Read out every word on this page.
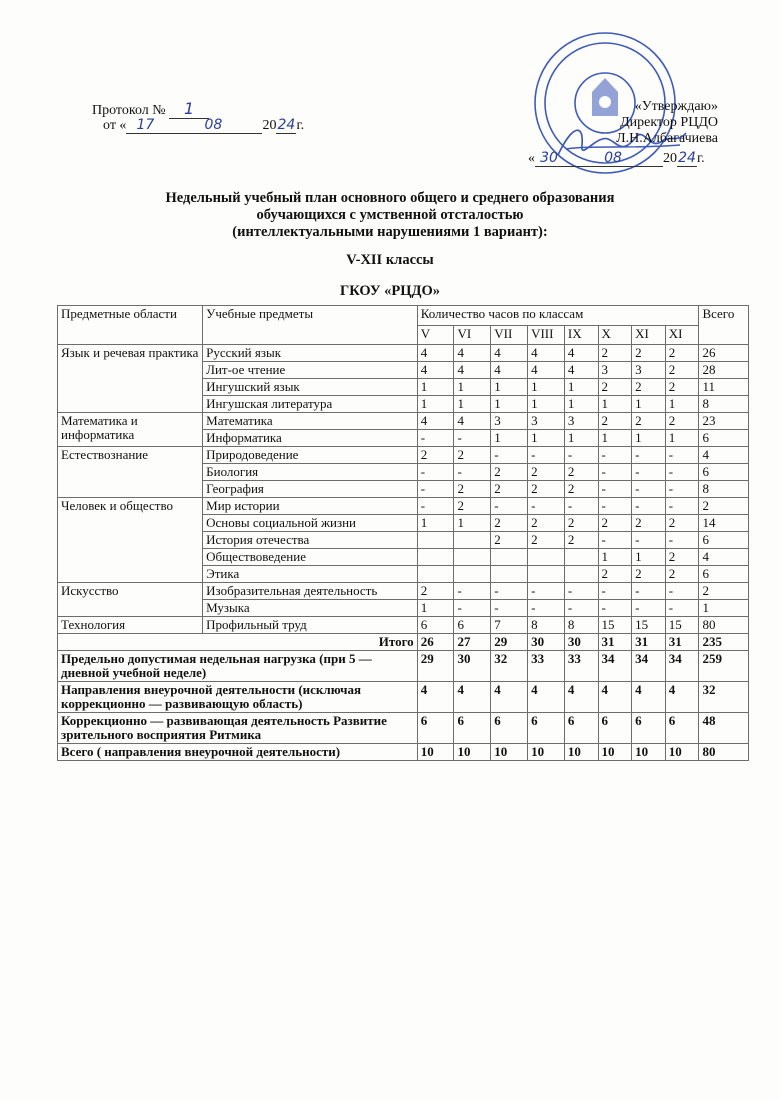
Протокол № 1
от « 17	08	2024г.
«Утверждаю»
Директор РЦДО
Л.Н.Албагачиева
« 30	08	2024г.
Недельный учебный план основного общего и среднего образования
обучающихся с умственной отсталостью
(интеллектуальными нарушениями 1 вариант):
V-XII классы
ГКОУ «РЦДО»
Предметные области	Учебные предметы	Количество часов по классам								Всего
		V	VI	VII	VIII	IX	X	XI	XI	
Язык и речевая практика	Русский язык	4	4	4	4	4	2	2	2	26
	Лит-ое чтение	4	4	4	4	4	3	3	2	28
	Ингушский язык	1	1	1	1	1	2	2	2	11
	Ингушская литература	1	1	1	1	1	1	1	1	8
Математика и информатика	Математика	4	4	3	3	3	2	2	2	23
	Информатика	-	-	1	1	1	1	1	1	6
Естествознание	Природоведение	2	2	-	-	-	-	-	-	4
	Биология	-	-	2	2	2	-	-	-	6
	География	-	2	2	2	2	-	-	-	8
Человек и общество	Мир истории	-	2	-	-	-	-	-	-	2
	Основы социальной жизни	1	1	2	2	2	2	2	2	14
	История отечества			2	2	2	-	-	-	6
	Обществоведение						1	1	2	4
	Этика						2	2	2	6
Искусство	Изобразительная деятельность	2	-	-	-	-	-	-	-	2
	Музыка	1	-	-	-	-	-	-	-	1
Технология	Профильный труд	6	6	7	8	8	15	15	15	80
Итого		26	27	29	30	30	31	31	31	235
Предельно допустимая недельная нагрузка (при 5 — дневной учебной неделе)		29	30	32	33	33	34	34	34	259
Направления внеурочной деятельности (исключая коррекционно — развивающую область)		4	4	4	4	4	4	4	4	32
Коррекционно — развивающая деятельность Развитие зрительного восприятия Ритмика		6	6	6	6	6	6	6	6	48
Всего ( направления внеурочной деятельности)		10	10	10	10	10	10	10	10	80
